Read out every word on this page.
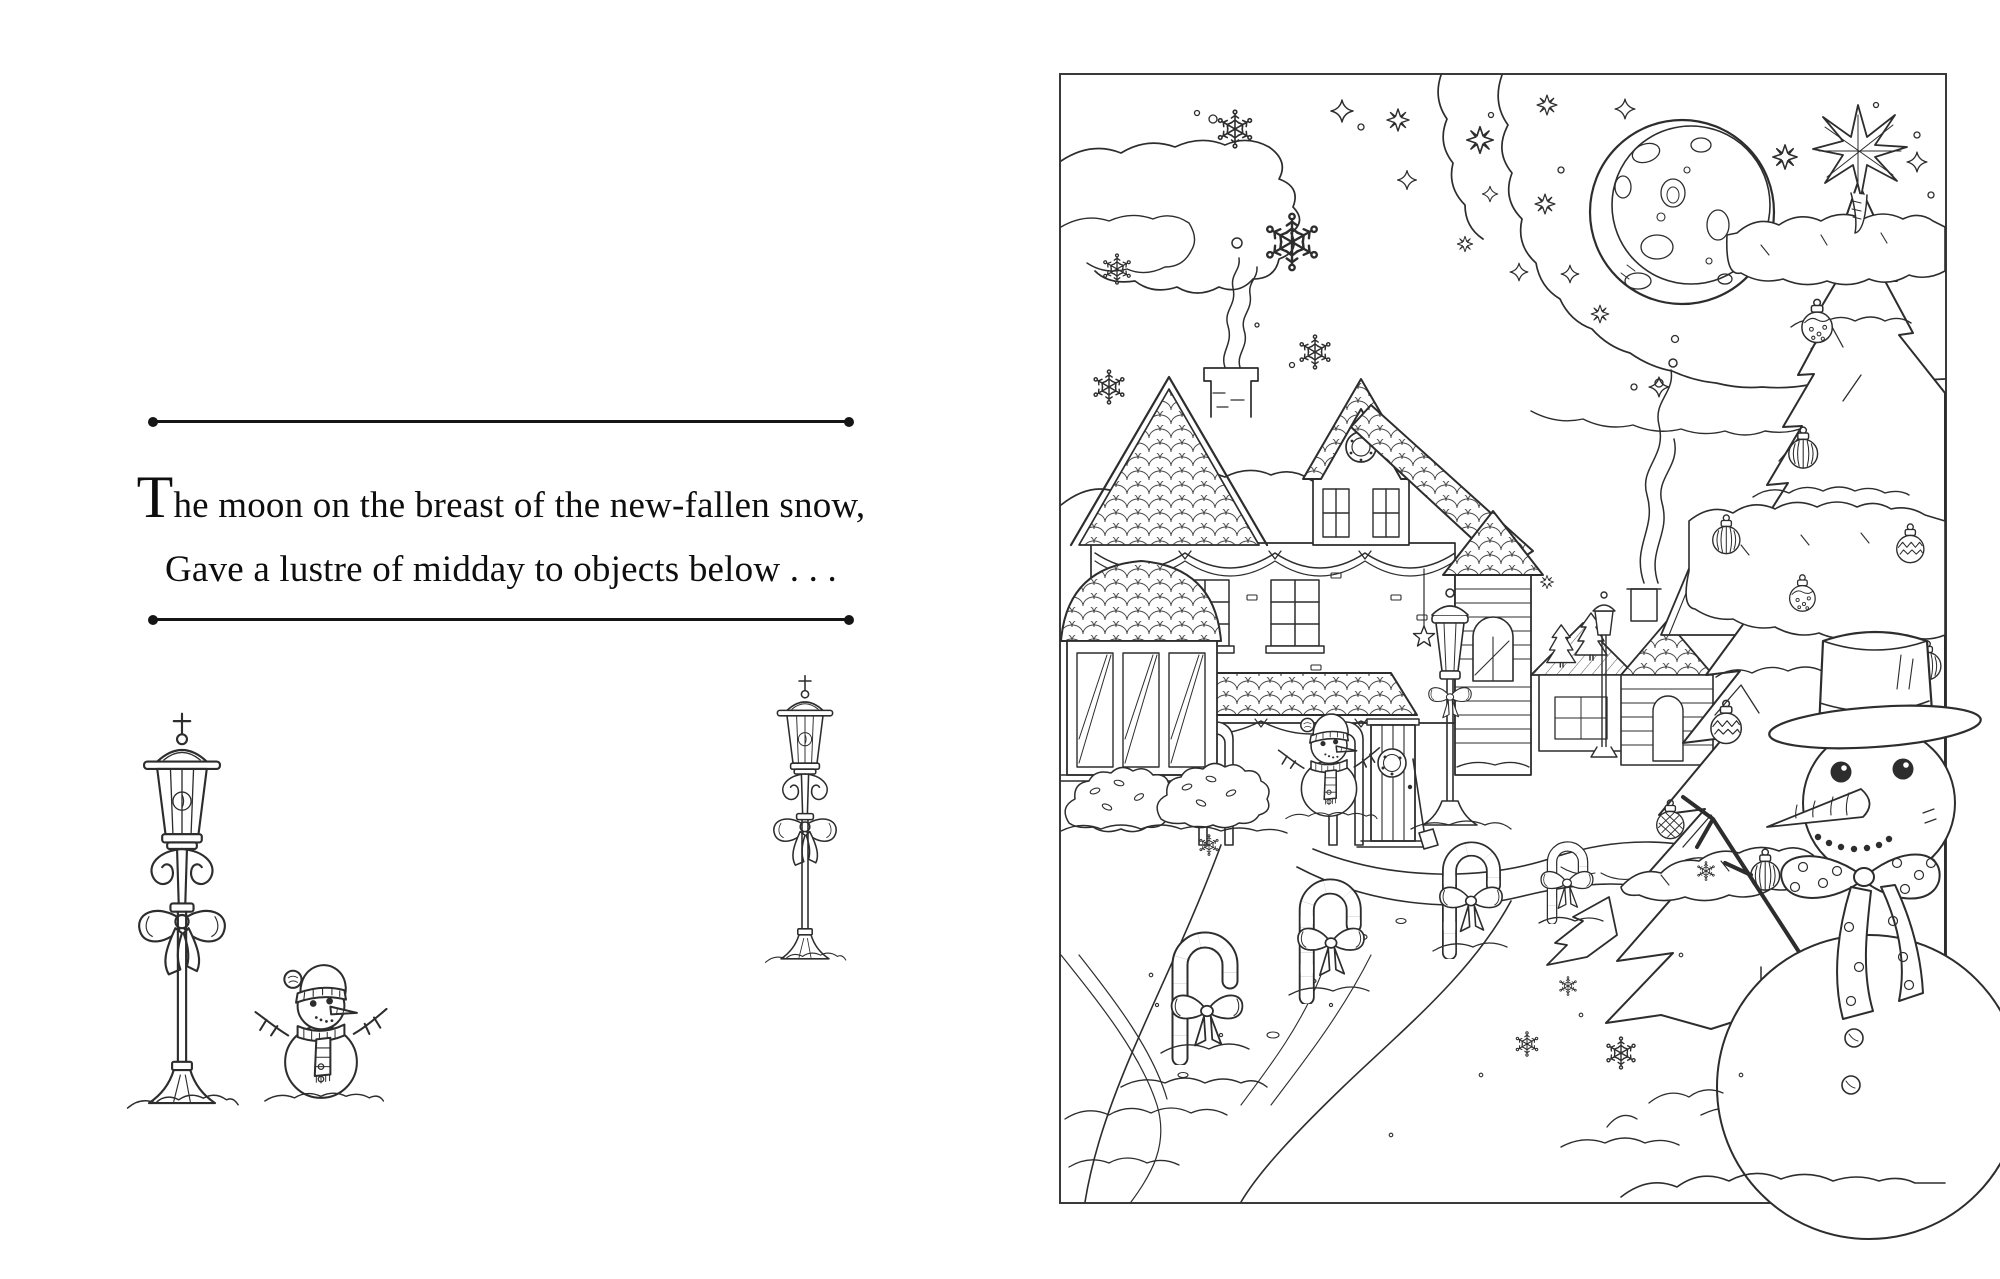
The moon on the breast of the new-fallen snow,

Gave a lustre of midday to objects below . . .
